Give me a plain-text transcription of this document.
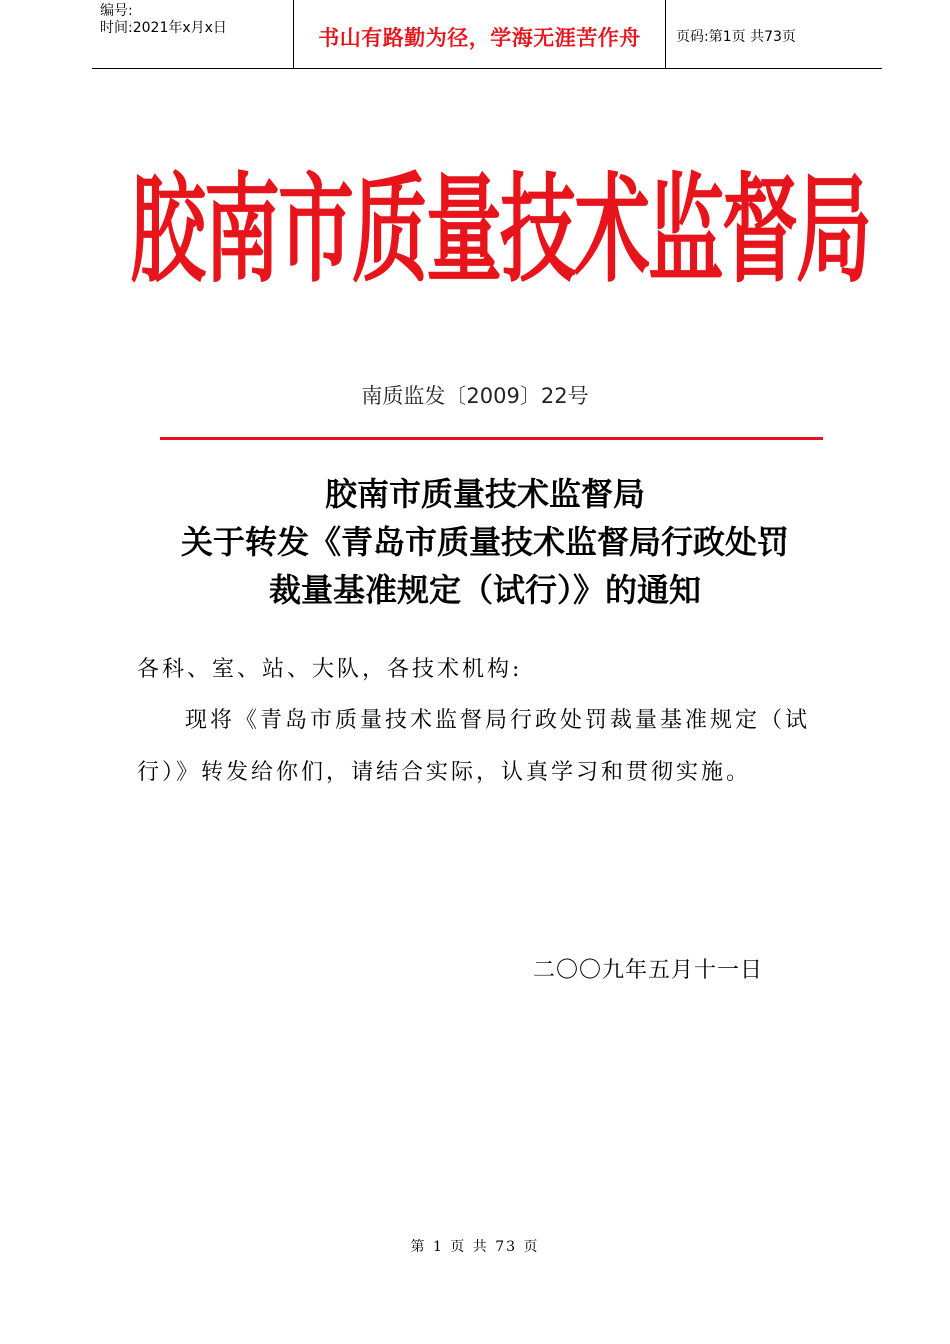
编号:
时间:2021年x月x日	书山有路勤为径，学海无涯苦作舟	页码:第1页 共73页
胶南市质量技术监督局
南质监发〔2009〕22号
胶南市质量技术监督局
关于转发《青岛市质量技术监督局行政处罚
裁量基准规定（试行）》的通知
各科、室、站、大队，各技术机构:
现将《青岛市质量技术监督局行政处罚裁量基准规定（试
行）》转发给你们，请结合实际，认真学习和贯彻实施。
二〇〇九年五月十一日
第 1 页 共 73 页
